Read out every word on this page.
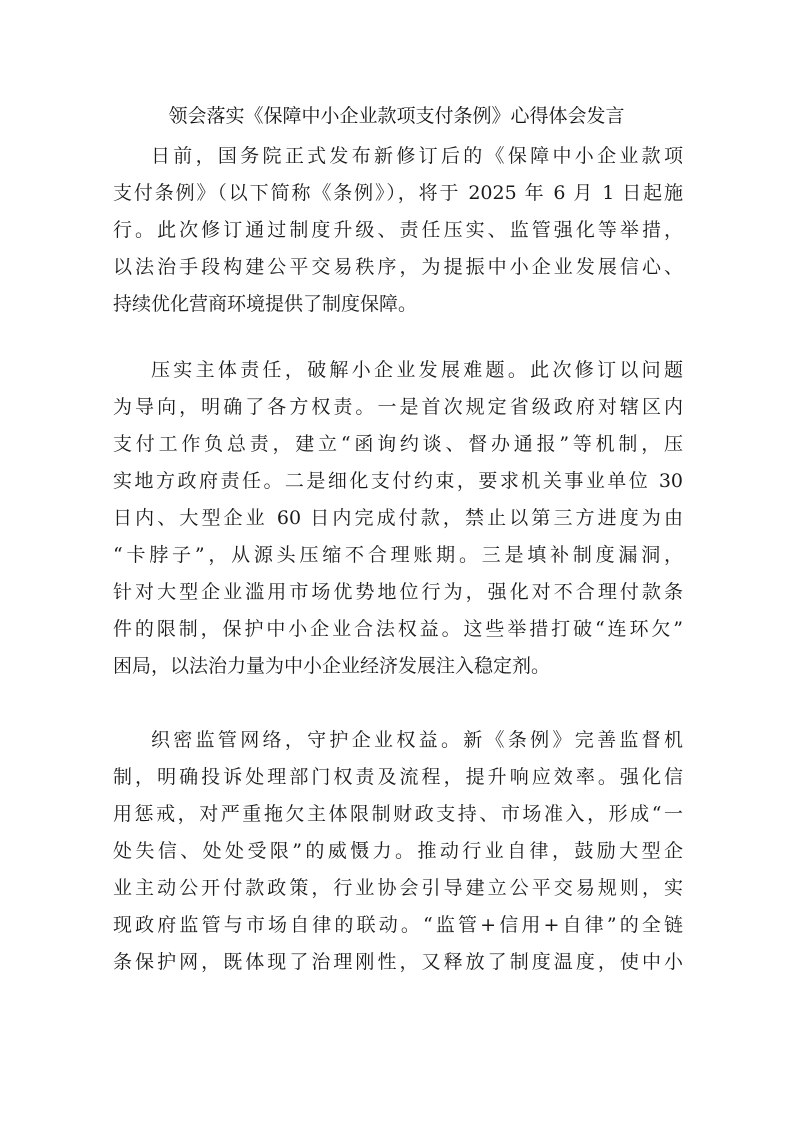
领会落实《保障中小企业款项支付条例》心得体会发言
日前，国务院正式发布新修订后的《保障中小企业款项
支付条例》（以下简称《条例》），将于 2025 年 6 月 1 日起施
行。此次修订通过制度升级、责任压实、监管强化等举措，
以法治手段构建公平交易秩序，为提振中小企业发展信心、
持续优化营商环境提供了制度保障。
压实主体责任，破解小企业发展难题。此次修订以问题
为导向，明确了各方权责。一是首次规定省级政府对辖区内
支付工作负总责，建立“函询约谈、督办通报”等机制，压
实地方政府责任。二是细化支付约束，要求机关事业单位 30
日内、大型企业 60 日内完成付款，禁止以第三方进度为由
“卡脖子”，从源头压缩不合理账期。三是填补制度漏洞，
针对大型企业滥用市场优势地位行为，强化对不合理付款条
件的限制，保护中小企业合法权益。这些举措打破“连环欠”
困局，以法治力量为中小企业经济发展注入稳定剂。
织密监管网络，守护企业权益。新《条例》完善监督机
制，明确投诉处理部门权责及流程，提升响应效率。强化信
用惩戒，对严重拖欠主体限制财政支持、市场准入，形成“一
处失信、处处受限”的威慑力。推动行业自律，鼓励大型企
业主动公开付款政策，行业协会引导建立公平交易规则，实
现政府监管与市场自律的联动。“监管+信用+自律”的全链
条保护网，既体现了治理刚性，又释放了制度温度，使中小
